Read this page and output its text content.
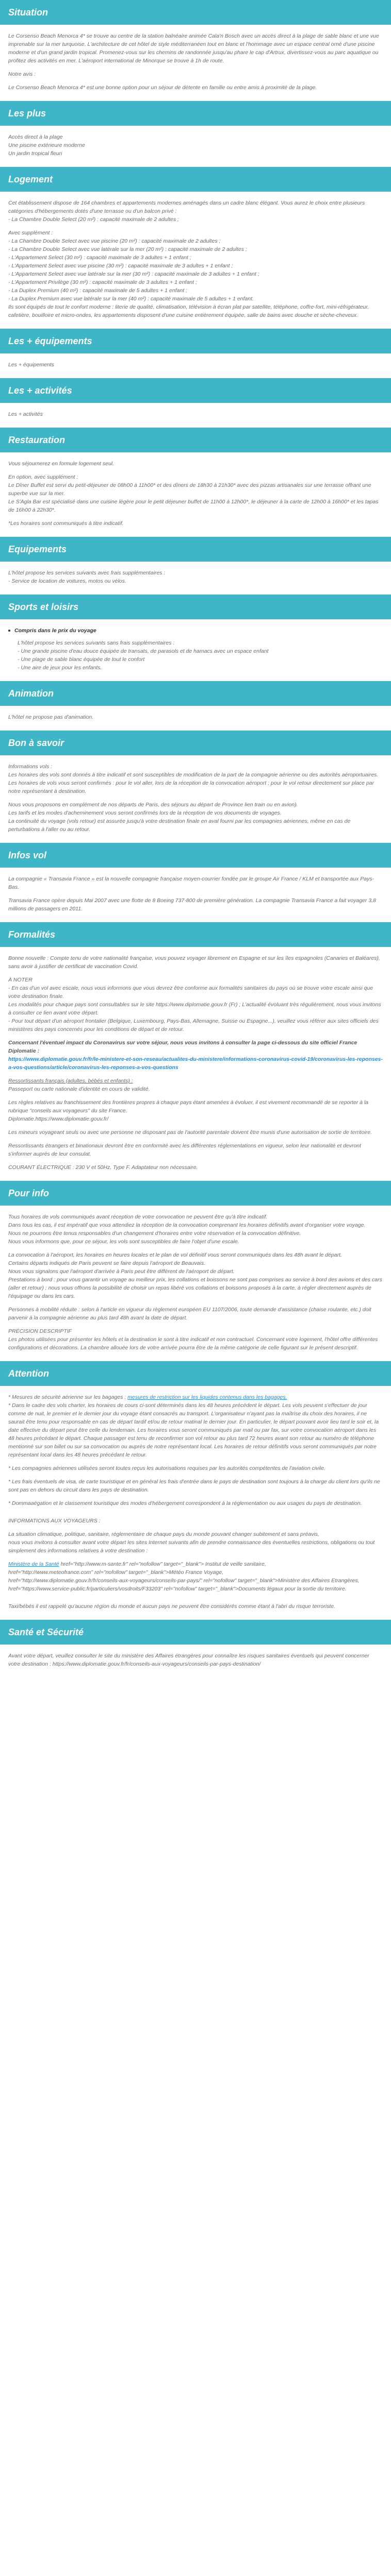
Situation

Le Corsenso Beach Menorca 4* se trouve au centre de la station balnéaire animée Cala'n Bosch avec un accès direct à la plage de sable blanc et une vue imprenable sur la mer turquoise. L'architecture de cet hôtel de style méditerranéen tout en blanc et l'hommage avec un espace central orné d'une piscine moderne et d'un grand jardin tropical. Promenez-vous sur les chemins de randonnée jusqu'au phare le cap d'Artrux, divertissez-vous au parc aquatique ou profitez des activités en mer. L'aéroport international de Minorque se trouve à 1h de route.

Notre avis :

Le Corsenso Beach Menorca 4* est une bonne option pour un séjour de détente en famille ou entre amis à proximité de la plage.

Les plus
Accès direct à la plage
Une piscine extérieure moderne
Un jardin tropical fleuri
Logement

Cet établissement dispose de 164 chambres et appartements modernes aménagés dans un cadre blanc élégant. Vous aurez le choix entre plusieurs catégories d'hébergements dotés d'une terrasse ou d'un balcon privé :
- La Chambre Double Select (20 m²) : capacité maximale de 2 adultes ;

Avec supplément :
- La Chambre Double Select avec vue piscine (20 m²) : capacité maximale de 2 adultes ;
- La Chambre Double Select avec vue latérale sur la mer (20 m²) : capacité maximale de 2 adultes ;
- L'Appartement Select (30 m²) : capacité maximale de 3 adultes + 1 enfant ;
- L'Appartement Select avec vue piscine (30 m²) : capacité maximale de 3 adultes + 1 enfant ;
- L'Appartement Select avec vue latérale sur la mer (30 m²) : capacité maximale de 3 adultes + 1 enfant ;
- L'Appartement Privilège (30 m²) : capacité maximale de 3 adultes + 1 enfant ;
- La Duplex Premium (40 m²) : capacité maximale de 5 adultes + 1 enfant ;
- La Duplex Premium avec vue latérale sur la mer (40 m²) : capacité maximale de 5 adultes + 1 enfant.

Ils sont équipés de tout le confort moderne : literie de qualité, climatisation, télévision à écran plat par satellite, téléphone, coffre-fort, mini-réfrigérateur, cafetière, bouilloire et micro-ondes, les appartements disposent d'une cuisine entièrement équipée, salle de bains avec douche et sèche-cheveux.

Les + équipements

Les + équipements

Les + activités

Les + activités

Restauration

Vous séjournerez en formule logement seul.

En option, avec supplément :
Le Dîner Buffet est servi du petit-déjeuner de 08h00 à 11h00* et des dîners de 18h30 à 21h30* avec des pizzas artisanales sur une terrasse offrant une superbe vue sur la mer.
Le S'Agla Bar est spécialisé dans une cuisine légère pour le petit déjeuner buffet de 11h00 à 12h00*, le déjeuner à la carte de 12h00 à 16h00* et les tapas de 16h00 à 22h30*.

*Les horaires sont communiqués à titre indicatif.

Equipements
L'hôtel propose les services suivants avec frais supplémentaires :
- Service de location de voitures, motos ou vélos.
Sports et loisirs
Compris dans le prix du voyage
L'hôtel propose les services suivants sans frais supplémentaires :
- Une grande piscine d'eau douce équipée de transats, de parasols et de hamacs avec un espace enfant
- Une plage de sable blanc équipée de tout le confort
- Une aire de jeux pour les enfants.
Animation

L'hôtel ne propose pas d'animation.

Bon à savoir

Informations vols :
Les horaires des vols sont donnés à titre indicatif et sont susceptibles de modification de la part de la compagnie aérienne ou des autorités aéroportuaires.
Les horaires de vols vous seront confirmés : pour le vol aller, lors de la réception de la convocation aéroport ; pour le vol retour directement sur place par notre représentant à destination.

Nous vous proposons en complément de nos départs de Paris, des séjours au départ de Province lien train ou en avion).
Les tarifs et les modes d'acheminement vous seront confirmés lors de la réception de vos documents de voyages.
La continuité du voyage (vols retour) est assurée jusqu'à votre destination finale en aval fourni par les compagnies aériennes, même en cas de perturbations à l'aller ou au retour.

Infos vol

La compagnie « Transavia France » est la nouvelle compagnie française moyen-courrier fondée par le groupe Air France / KLM et transportée aux Pays-Bas.

Transavia France opère depuis Mai 2007 avec une flotte de 8 Boeing 737-800 de première génération. La compagnie Transavia France a fait voyager 3,8 millions de passagers en 2011.

Formalités

Bonne nouvelle : Compte tenu de votre nationalité française, vous pouvez voyager librement en Espagne et sur les îles espagnoles (Canaries et Baléares), sans avoir à justifier de certificat de vaccination Covid.

À NOTER
- En cas d'un vol avec escale, nous vous informons que vous devrez être conforme aux formalités sanitaires du pays où se trouve votre escale ainsi que votre destination finale.
Les modalités pour chaque pays sont consultables sur le site https://www.diplomatie.gouv.fr (Fr) ; L'actualité évoluant très régulièrement, nous vous invitons à consulter ce lien avant votre départ.
- Pour tout départ d'un aéroport frontalier (Belgique, Luxembourg, Pays-Bas, Allemagne, Suisse ou Espagne...), veuillez vous référer aux sites officiels des ministères des pays concernés pour les conditions de départ et de retour.

Concernant l'éventuel impact du Coronavirus sur votre séjour, nous vous invitons à consulter la page ci-dessous du site officiel France Diplomatie :
https://www.diplomatie.gouv.fr/fr/le-ministere-et-son-reseau/actualites-du-ministere/informations-coronavirus-covid-19/coronavirus-les-reponses-a-vos-questions/article/coronavirus-les-reponses-a-vos-questions

Ressortissants français (adultes, bébés et enfants) :
Passeport ou carte nationale d'identité en cours de validité.

Les règles relatives au franchissement des frontières propres à chaque pays étant amenées à évoluer, il est vivement recommandé de se reporter à la rubrique "conseils aux voyageurs" du site France.
Diplomatie.https://www.diplomatie.gouv.fr/

Les mineurs voyageant seuls ou avec une personne ne disposant pas de l'autorité parentale doivent être munis d'une autorisation de sortie de territoire.

Ressortissants étrangers et binationaux devront être en conformité avec les différentes réglementations en vigueur, selon leur nationalité et devront s'informer auprès de leur consulat.

COURANT ÉLECTRIQUE : 230 V et 50Hz, Type F. Adaptateur non nécessaire.

Pour info

Tous horaires de vols communiqués avant réception de votre convocation ne peuvent être qu'à titre indicatif.
Dans tous les cas, il est impératif que vous attendiez la réception de la convocation comprenant les horaires définitifs avant d'organiser votre voyage.
Nous ne pourrons être tenus responsables d'un changement d'horaires entre votre réservation et la convocation définitive.
Nous vous informons que, pour ce séjour, les vols sont susceptibles de faire l'objet d'une escale.

La convocation à l'aéroport, les horaires en heures locales et le plan de vol définitif vous seront communiqués dans les 48h avant le départ.
Certains départs indiqués de Paris peuvent se faire depuis l'aéroport de Beauvais.
Nous vous signalons que l'aéroport d'arrivée à Paris peut être différent de l'aéroport de départ.
Prestations à bord : pour vous garantir un voyage au meilleur prix, les collations et boissons ne sont pas comprises au service à bord des avions et des cars (aller et retour) ; nous vous offrons la possibilité de choisir un repas libéré vos collations et boissons proposés à la carte, à régler directement auprès de l'équipage ou dans les cars.

Personnes à mobilité réduite : selon à l'article en vigueur du règlement européen EU 1107/2006, toute demande d'assistance (chaise roulante, etc.) doit parvenir à la compagnie aérienne au plus tard 48h avant la date de départ.

PRÉCISION DESCRIPTIF
Les photos utilisées pour présenter les hôtels et la destination le sont à titre indicatif et non contractuel. Concernant votre logement, l'hôtel offre différentes configurations et décorations. La chambre allouée lors de votre arrivée pourra être de la même catégorie de celle figurant sur le présent descriptif.

Attention

* Mesures de sécurité aérienne sur les bagages : mesures de restriction sur les liquides contenus dans les bagages.
* Dans le cadre des vols charter, les horaires de cours ci-sont déterminés dans les 48 heures précédent le départ. Les vols peuvent s'effectuer de jour comme de nuit, le premier et le dernier jour du voyage étant consacrés au transport. L'organisateur n'ayant pas la maîtrise du choix des horaires, il ne saurait être tenu pour responsable en cas de départ tardif et/ou de retour matinal le dernier jour. En particulier, le départ pouvant avoir lieu tard le soir et, la date effective du départ peut être celle du lendemain. Les horaires vous seront communiqués par mail ou par fax, sur votre convocation aéroport dans les 48 heures précédant le départ. Chaque passager est tenu de reconfirmer son vol retour au plus tard 72 heures avant son retour au numéro de téléphone mentionné sur son billet ou sur sa convocation ou auprès de notre représentant local. Les horaires de retour définitifs vous seront communiqués par notre représentant local dans les 48 heures précédant le retour.

* Les compagnies aériennes utilisées seront toutes reçus les autorisations requises par les autorités compétentes de l'aviation civile.

* Les frais éventuels de visa, de carte touristique et en général les frais d'entrée dans le pays de destination sont toujours à la charge du client lors qu'ils ne sont pas en dehors du circuit dans les pays de destination.

* Dommaaégation et le classement touristique des modes d'hébergement correspondent à la réglementation ou aux usages du pays de destination.

INFORMATIONS AUX VOYAGEURS :

La situation climatique, politique, sanitaire, réglementaire de chaque pays du monde pouvant changer subitement et sans préavis,
nous vous invitons à consulter avant votre départ les sites Internet suivants afin de prendre connaissance des éventuelles restrictions, obligations ou tout simplement des informations relatives à votre destination :

Ministère de la Santé href="http://www.m-sante.fr" rel="nofollow" target="_blank"> Institut de veille sanitaire,
href="http://www.meteofrance.com" rel="nofollow" target="_blank">Météo France Voyage,
href="http://www.diplomatie.gouv.fr/fr/conseils-aux-voyageurs/conseils-par-pays/" rel="nofollow" target="_blank">Ministère des Affaires Etrangères, href="https://www.service-public.fr/particuliers/vosdroits/F33203" rel="nofollow" target="_blank">Documents légaux pour la sortie du territoire.

Taxi/bébés il est rappelé qu'aucune région du monde et aucun pays ne peuvent être considérés comme étant à l'abri du risque terroriste.

Santé et Sécurité

Avant votre départ, veuillez consulter le site du ministère des Affaires étrangères pour connaître les risques sanitaires éventuels qui peuvent concerner votre destination : https://www.diplomatie.gouv.fr/fr/conseils-aux-voyageurs/conseils-par-pays-destination/
